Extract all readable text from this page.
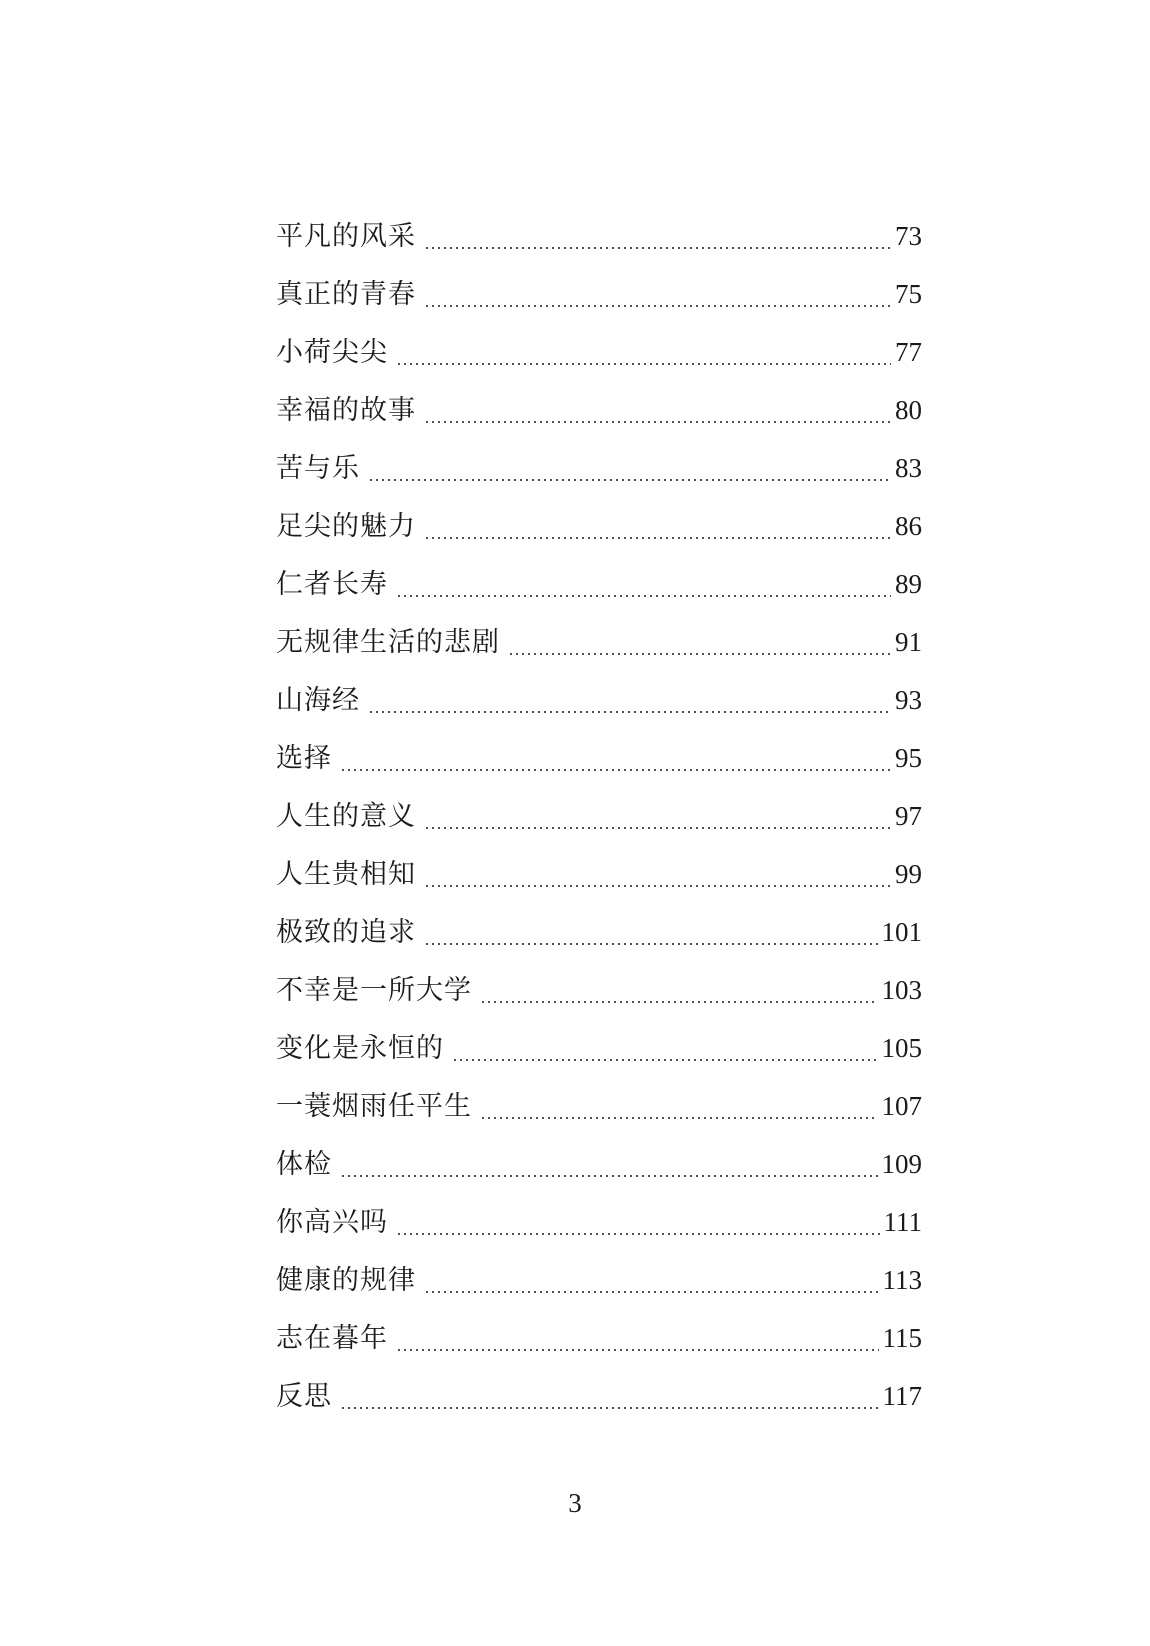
平凡的风采	73
真正的青春	75
小荷尖尖	77
幸福的故事	80
苦与乐	83
足尖的魅力	86
仁者长寿	89
无规律生活的悲剧	91
山海经	93
选择	95
人生的意义	97
人生贵相知	99
极致的追求	101
不幸是一所大学	103
变化是永恒的	105
一蓑烟雨任平生	107
体检	109
你高兴吗	111
健康的规律	113
志在暮年	115
反思	117
3
